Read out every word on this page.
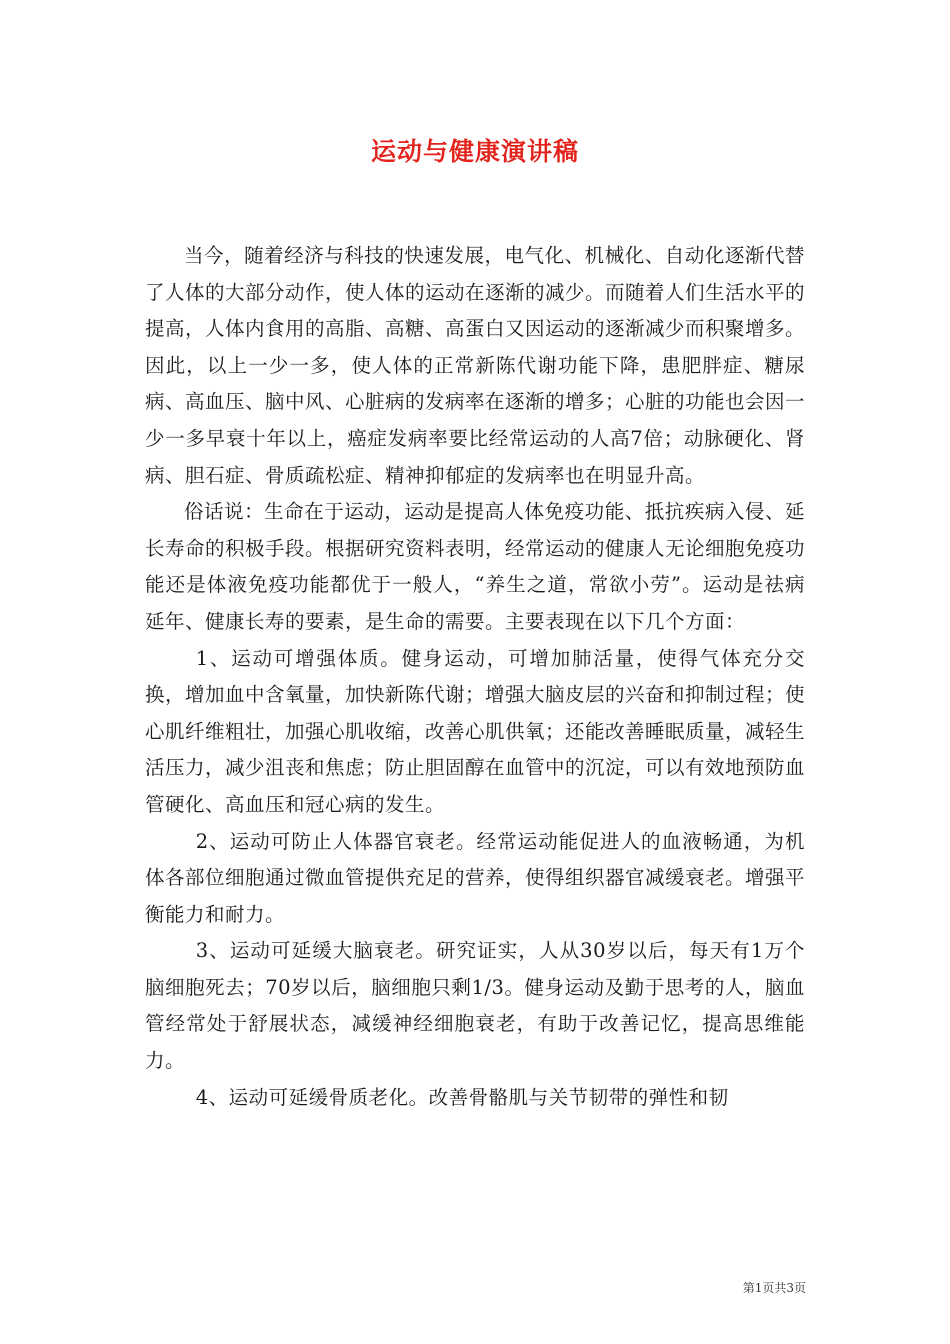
运动与健康演讲稿

当今，随着经济与科技的快速发展，电气化、机械化、自动化逐渐代替了人体的大部分动作，使人体的运动在逐渐的减少。而随着人们生活水平的提高，人体内食用的高脂、高糖、高蛋白又因运动的逐渐减少而积聚增多。因此，以上一少一多，使人体的正常新陈代谢功能下降，患肥胖症、糖尿病、高血压、脑中风、心脏病的发病率在逐渐的增多；心脏的功能也会因一少一多早衰十年以上，癌症发病率要比经常运动的人高7倍；动脉硬化、肾病、胆石症、骨质疏松症、精神抑郁症的发病率也在明显升高。

俗话说：生命在于运动，运动是提高人体免疫功能、抵抗疾病入侵、延长寿命的积极手段。根据研究资料表明，经常运动的健康人无论细胞免疫功能还是体液免疫功能都优于一般人，“养生之道，常欲小劳”。运动是祛病延年、健康长寿的要素，是生命的需要。主要表现在以下几个方面：

1、运动可增强体质。健身运动，可增加肺活量，使得气体充分交换，增加血中含氧量，加快新陈代谢；增强大脑皮层的兴奋和抑制过程；使心肌纤维粗壮，加强心肌收缩，改善心肌供氧；还能改善睡眠质量，减轻生活压力，减少沮丧和焦虑；防止胆固醇在血管中的沉淀，可以有效地预防血管硬化、高血压和冠心病的发生。

2、运动可防止人体器官衰老。经常运动能促进人的血液畅通，为机体各部位细胞通过微血管提供充足的营养，使得组织器官减缓衰老。增强平衡能力和耐力。

3、运动可延缓大脑衰老。研究证实，人从30岁以后，每天有1万个脑细胞死去；70岁以后，脑细胞只剩1/3。健身运动及勤于思考的人，脑血管经常处于舒展状态，减缓神经细胞衰老，有助于改善记忆，提高思维能力。

4、运动可延缓骨质老化。改善骨骼肌与关节韧带的弹性和韧

第1页共3页
